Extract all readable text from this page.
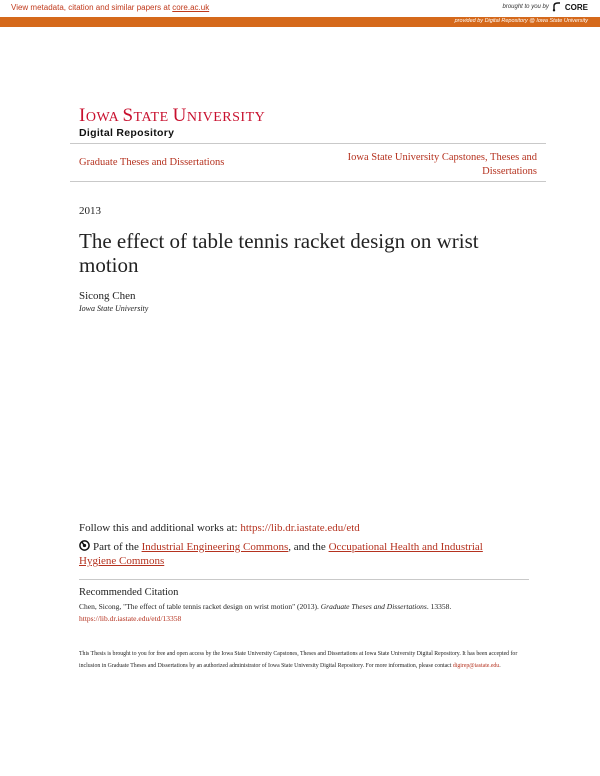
View metadata, citation and similar papers at core.ac.uk	brought to you by CORE
provided by Digital Repository @ Iowa State University
IOWA STATE UNIVERSITY
Digital Repository
Graduate Theses and Dissertations	Iowa State University Capstones, Theses and Dissertations
2013
The effect of table tennis racket design on wrist motion
Sicong Chen
Iowa State University
Follow this and additional works at: https://lib.dr.iastate.edu/etd
Part of the Industrial Engineering Commons, and the Occupational Health and Industrial Hygiene Commons
Recommended Citation
Chen, Sicong, "The effect of table tennis racket design on wrist motion" (2013). Graduate Theses and Dissertations. 13358.
https://lib.dr.iastate.edu/etd/13358
This Thesis is brought to you for free and open access by the Iowa State University Capstones, Theses and Dissertations at Iowa State University Digital Repository. It has been accepted for inclusion in Graduate Theses and Dissertations by an authorized administrator of Iowa State University Digital Repository. For more information, please contact digirep@iastate.edu.
